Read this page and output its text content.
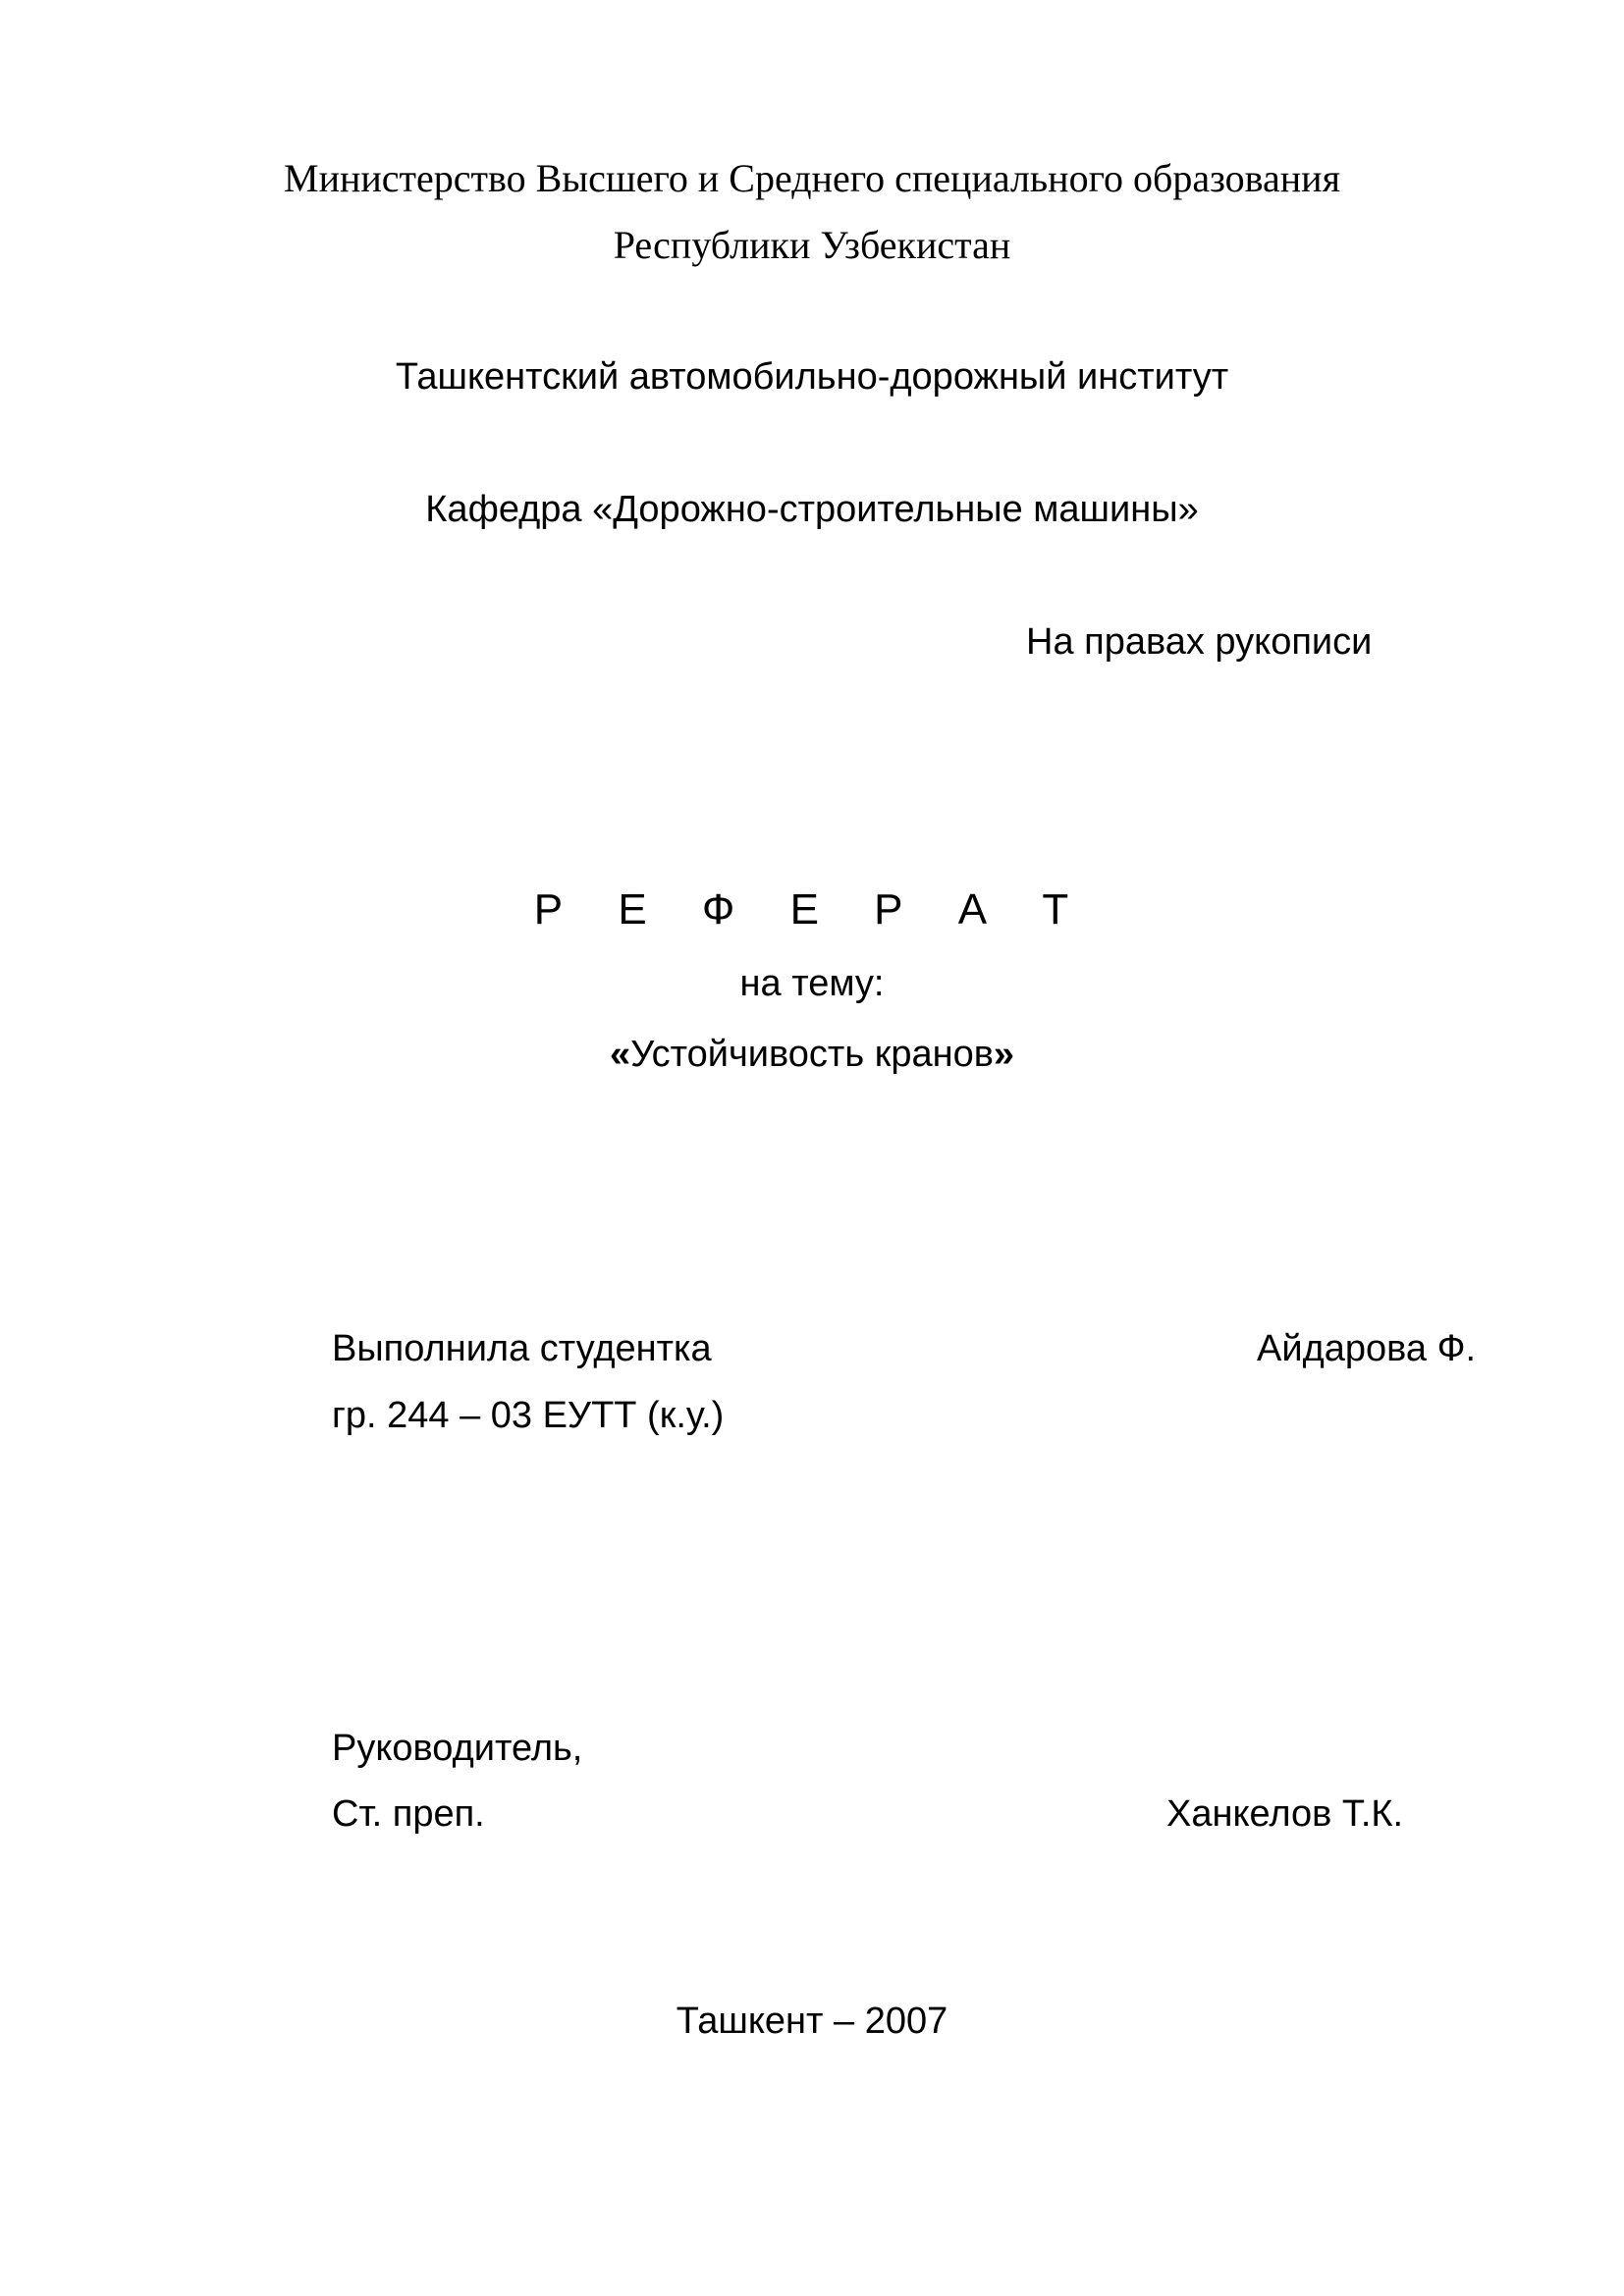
Министерство Высшего и Среднего специального образования
Республики Узбекистан
Ташкентский автомобильно-дорожный институт
Кафедра «Дорожно-строительные машины»
На правах рукописи
Р Е Ф Е Р А Т
на тему:
«Устойчивость кранов»
Выполнила студентка	Айдарова Ф.
гр. 244 – 03 ЕУТТ (к.у.)
Руководитель,
Ст. преп.	Ханкелов Т.К.
Ташкент – 2007
